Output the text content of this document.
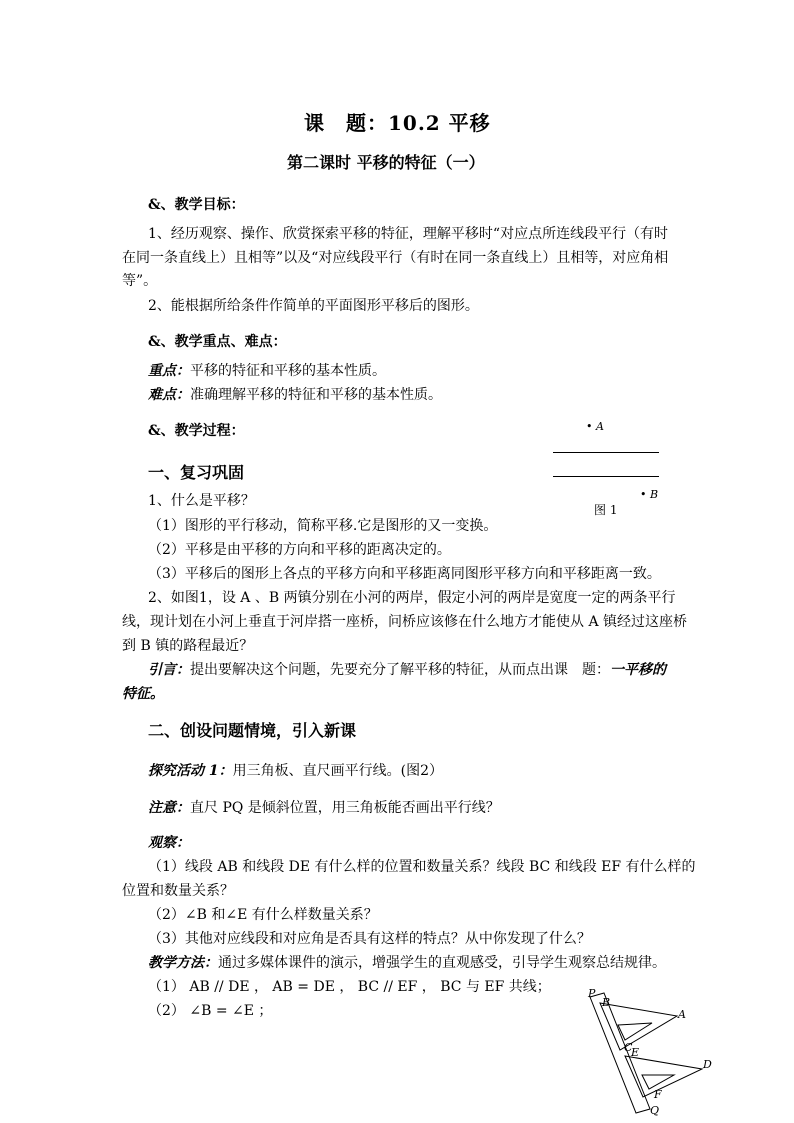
课　题：10.2 平移
第二课时 平移的特征（一）
&、教学目标：
1、经历观察、操作、欣赏探索平移的特征，理解平移时“对应点所连线段平行（有时
在同一条直线上）且相等”以及“对应线段平行（有时在同一条直线上）且相等，对应角相
等”。
2、能根据所给条件作简单的平面图形平移后的图形。
&、教学重点、难点：
重点：平移的特征和平移的基本性质。
难点：准确理解平移的特征和平移的基本性质。
&、教学过程：	• A
• B
图 1
一、复习巩固
1、什么是平移？
（1）图形的平行移动，简称平移.它是图形的又一变换。
（2）平移是由平移的方向和平移的距离决定的。
（3）平移后的图形上各点的平移方向和平移距离同图形平移方向和平移距离一致。
2、如图1，设 A 、B 两镇分别在小河的两岸，假定小河的两岸是宽度一定的两条平行
线，现计划在小河上垂直于河岸搭一座桥，问桥应该修在什么地方才能使从 A 镇经过这座桥
到 B 镇的路程最近？
引言：提出要解决这个问题，先要充分了解平移的特征，从而点出课　题：一平移的
特征。
二、创设问题情境，引入新课
探究活动 1：用三角板、直尺画平行线。(图2）
注意：直尺 PQ 是倾斜位置，用三角板能否画出平行线？
观察：
（1）线段 AB 和线段 DE 有什么样的位置和数量关系？线段 BC 和线段 EF 有什么样的
位置和数量关系？
（2）∠B 和∠E 有什么样数量关系？
（3）其他对应线段和对应角是否具有这样的特点？从中你发现了什么？
教学方法：通过多媒体课件的演示，增强学生的直观感受，引导学生观察总结规律。
（1） AB // DE ， AB = DE ， BC // EF ， BC 与 EF 共线；
（2） ∠B = ∠E ；
P
B
A
C
E
D
F
Q
